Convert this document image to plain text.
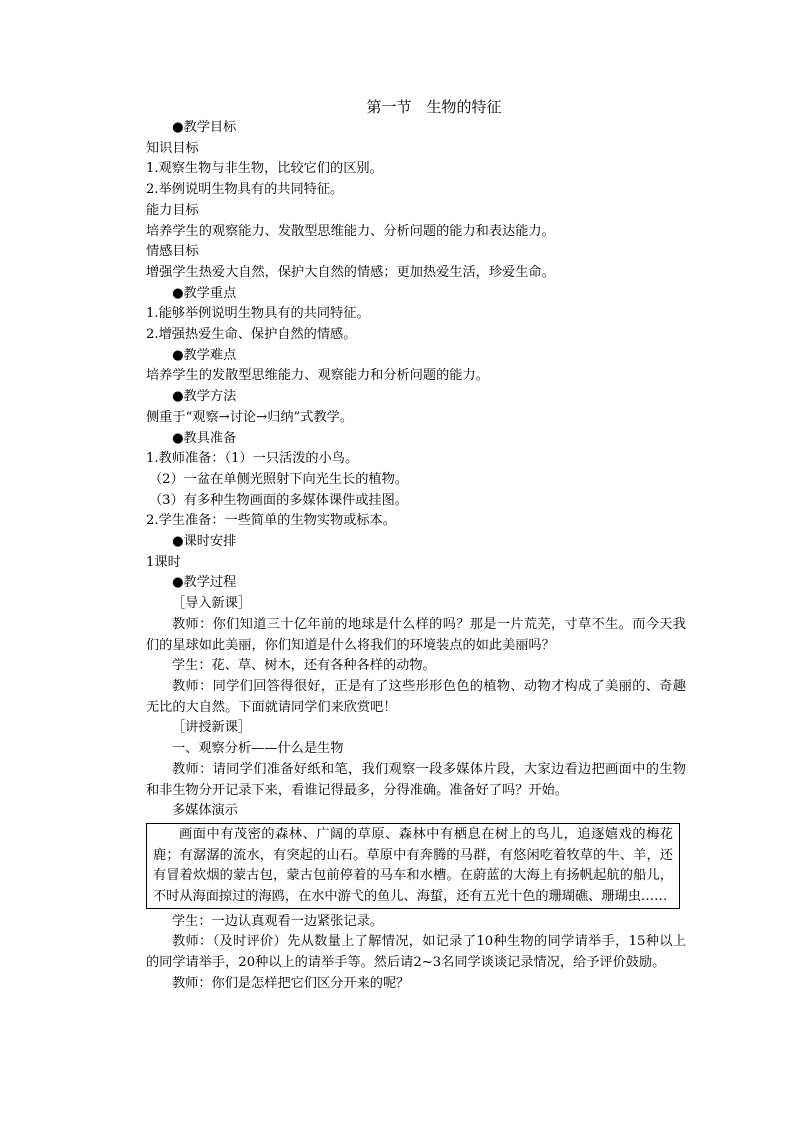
第一节　生物的特征
●教学目标
知识目标
1.观察生物与非生物，比较它们的区别。
2.举例说明生物具有的共同特征。
能力目标
培养学生的观察能力、发散型思维能力、分析问题的能力和表达能力。
情感目标
增强学生热爱大自然，保护大自然的情感；更加热爱生活，珍爱生命。
●教学重点
1.能够举例说明生物具有的共同特征。
2.增强热爱生命、保护自然的情感。
●教学难点
培养学生的发散型思维能力、观察能力和分析问题的能力。
●教学方法
侧重于“观察→讨论→归纳”式教学。
●教具准备
1.教师准备：（1）一只活泼的小鸟。
（2）一盆在单侧光照射下向光生长的植物。
（3）有多种生物画面的多媒体课件或挂图。
2.学生准备：一些简单的生物实物或标本。
●课时安排
1课时
●教学过程
［导入新课］
教师：你们知道三十亿年前的地球是什么样的吗？那是一片荒芜，寸草不生。而今天我们的星球如此美丽，你们知道是什么将我们的环境装点的如此美丽吗？
学生：花、草、树木，还有各种各样的动物。
教师：同学们回答得很好，正是有了这些形形色色的植物、动物才构成了美丽的、奇趣无比的大自然。下面就请同学们来欣赏吧！
［讲授新课］
一、观察分析——什么是生物
教师：请同学们准备好纸和笔，我们观察一段多媒体片段，大家边看边把画面中的生物和非生物分开记录下来，看谁记得最多，分得准确。准备好了吗？开始。
多媒体演示
画面中有茂密的森林、广阔的草原、森林中有栖息在树上的鸟儿，追逐嬉戏的梅花鹿；有潺潺的流水，有突起的山石。草原中有奔腾的马群，有悠闲吃着牧草的牛、羊，还有冒着炊烟的蒙古包，蒙古包前停着的马车和水槽。在蔚蓝的大海上有扬帆起航的船儿，不时从海面掠过的海鸥，在水中游弋的鱼儿、海蜇，还有五光十色的珊瑚礁、珊瑚虫……
学生：一边认真观看一边紧张记录。
教师：（及时评价）先从数量上了解情况，如记录了10种生物的同学请举手，15种以上的同学请举手，20种以上的请举手等。然后请2~3名同学谈谈记录情况，给予评价鼓励。
教师：你们是怎样把它们区分开来的呢？
